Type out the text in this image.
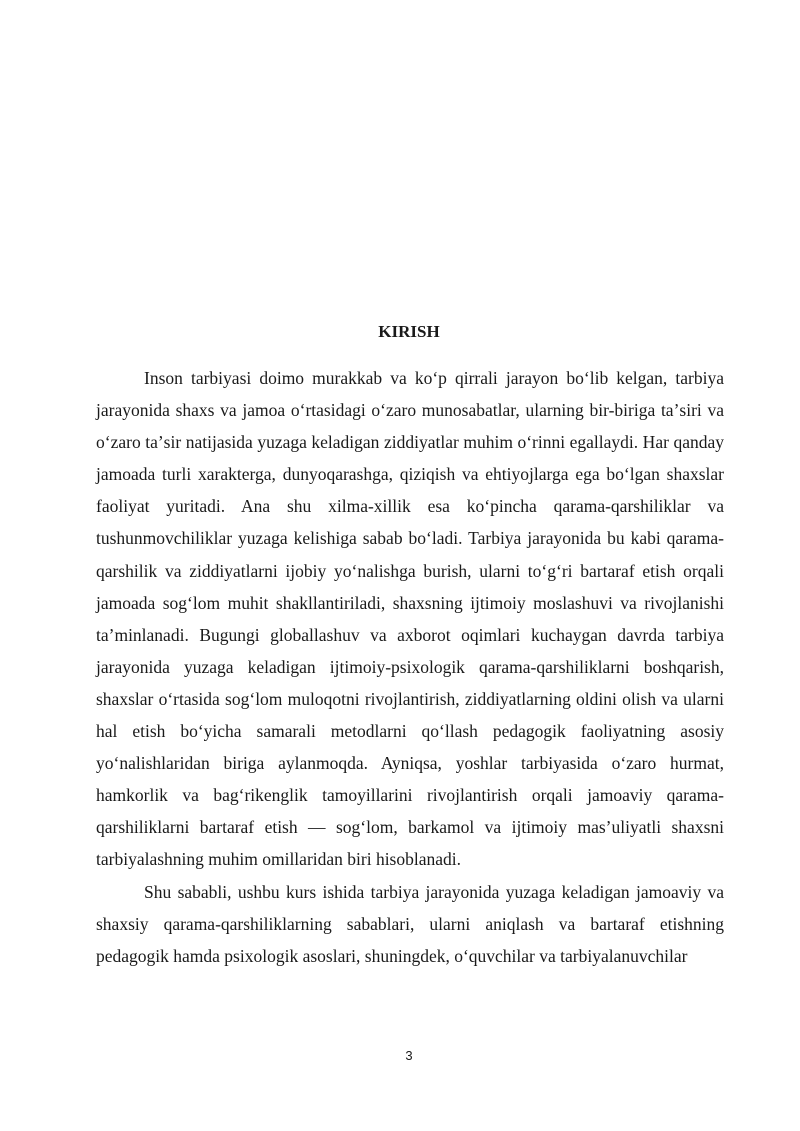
KIRISH

Inson tarbiyasi doimo murakkab va koʻp qirrali jarayon boʻlib kelgan, tarbiya jarayonida shaxs va jamoa oʻrtasidagi oʻzaro munosabatlar, ularning bir-biriga taʼsiri va oʻzaro taʼsir natijasida yuzaga keladigan ziddiyatlar muhim oʻrinni egallaydi. Har qanday jamoada turli xarakterga, dunyoqarashga, qiziqish va ehtiyojlarga ega boʻlgan shaxslar faoliyat yuritadi. Ana shu xilma-xillik esa koʻpincha qarama-qarshiliklar va tushunmovchiliklar yuzaga kelishiga sabab boʻladi. Tarbiya jarayonida bu kabi qarama-qarshilik va ziddiyatlarni ijobiy yoʻnalishga burish, ularni toʻgʻri bartaraf etish orqali jamoada sogʻlom muhit shakllantiriladi, shaxsning ijtimoiy moslashuvi va rivojlanishi taʼminlanadi. Bugungi globallashuv va axborot oqimlari kuchaygan davrda tarbiya jarayonida yuzaga keladigan ijtimoiy-psixologik qarama-qarshiliklarni boshqarish, shaxslar oʻrtasida sogʻlom muloqotni rivojlantirish, ziddiyatlarning oldini olish va ularni hal etish boʻyicha samarali metodlarni qoʻllash pedagogik faoliyatning asosiy yoʻnalishlaridan biriga aylanmoqda. Ayniqsa, yoshlar tarbiyasida oʻzaro hurmat, hamkorlik va bagʻrikenglik tamoyillarini rivojlantirish orqali jamoaviy qarama-qarshiliklarni bartaraf etish — sogʻlom, barkamol va ijtimoiy masʼuliyatli shaxsni tarbiyalashning muhim omillaridan biri hisoblanadi.

Shu sababli, ushbu kurs ishida tarbiya jarayonida yuzaga keladigan jamoaviy va shaxsiy qarama-qarshiliklarning sabablari, ularni aniqlash va bartaraf etishning pedagogik hamda psixologik asoslari, shuningdek, oʻquvchilar va tarbiyalanuvchilar

3
